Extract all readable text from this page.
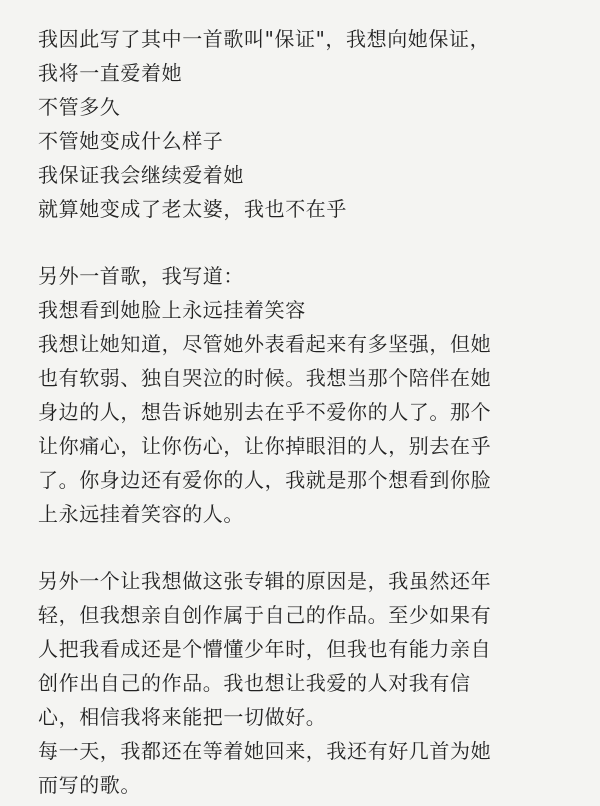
我因此写了其中一首歌叫"保证"，我想向她保证，
我将一直爱着她
不管多久
不管她变成什么样子
我保证我会继续爱着她
就算她变成了老太婆，我也不在乎
另外一首歌，我写道：
我想看到她脸上永远挂着笑容
我想让她知道，尽管她外表看起来有多坚强，但她
也有软弱、独自哭泣的时候。我想当那个陪伴在她
身边的人，想告诉她别去在乎不爱你的人了。那个
让你痛心，让你伤心，让你掉眼泪的人，别去在乎
了。你身边还有爱你的人，我就是那个想看到你脸
上永远挂着笑容的人。
另外一个让我想做这张专辑的原因是，我虽然还年
轻，但我想亲自创作属于自己的作品。至少如果有
人把我看成还是个懵懂少年时，但我也有能力亲自
创作出自己的作品。我也想让我爱的人对我有信
心，相信我将来能把一切做好。
每一天，我都还在等着她回来，我还有好几首为她
而写的歌。
